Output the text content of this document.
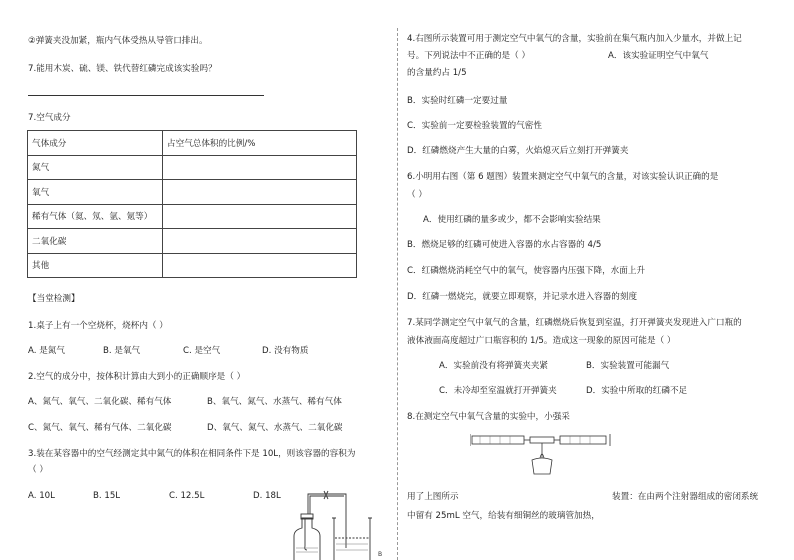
②弹簧夹没加紧，瓶内气体受热从导管口排出。
7.能用木炭、硫、镁、铁代替红磷完成该实验吗？
7.空气成分
气体成分	占空气总体积的比例/%
氮气	
氧气	
稀有气体（氦、氖、氩、氪等）	
二氧化碳	
其他	
【当堂检测】
1.桌子上有一个空烧杯，烧杯内（ ）
A. 是氮气	B. 是氧气	C. 是空气	D. 没有物质
2.空气的成分中，按体积计算由大到小的正确顺序是（ ）
A、氮气、氧气、二氧化碳、稀有气体	B、氧气、氮气、水蒸气、稀有气体
C、氮气、氧气、稀有气体、二氧化碳	D、氧气、氮气、水蒸气、二氧化碳
3.装在某容器中的空气经测定其中氮气的体积在相同条件下是 10L，则该容器的容积为
（ ）
A. 10L	B. 15L	C. 12.5L	D. 18L
B
4.右图所示装置可用于测定空气中氧气的含量，实验前在集气瓶内加入少量水，并做上记
号。下列说法中不正确的是（ ）	A．该实验证明空气中氧气
的含量约占 1/5
B．实验时红磷一定要过量
C．实验前一定要检验装置的气密性
D．红磷燃烧产生大量的白雾，火焰熄灭后立刻打开弹簧夹
6.小明用右图（第 6 题图）装置来测定空气中氧气的含量，对该实验认识正确的是
（ ）
A．使用红磷的量多或少，都不会影响实验结果
B．燃烧足够的红磷可使进入容器的水占容器的 4/5
C．红磷燃烧消耗空气中的氧气，使容器内压强下降，水面上升
D．红磷一燃烧完，就要立即观察，并记录水进入容器的刻度
7.某同学测定空气中氧气的含量，红磷燃烧后恢复到室温，打开弹簧夹发现进入广口瓶的
液体液面高度超过广口瓶容积的 1/5。造成这一现象的原因可能是（ ）
A．实验前没有将弹簧夹夹紧	B．实验装置可能漏气
C．未冷却至室温就打开弹簧夹	D．实验中所取的红磷不足
8.在测定空气中氧气含量的实验中，小强采
用了上图所示	装置：在由两个注射器组成的密闭系统
中留有 25mL 空气，给装有细铜丝的玻璃管加热，
